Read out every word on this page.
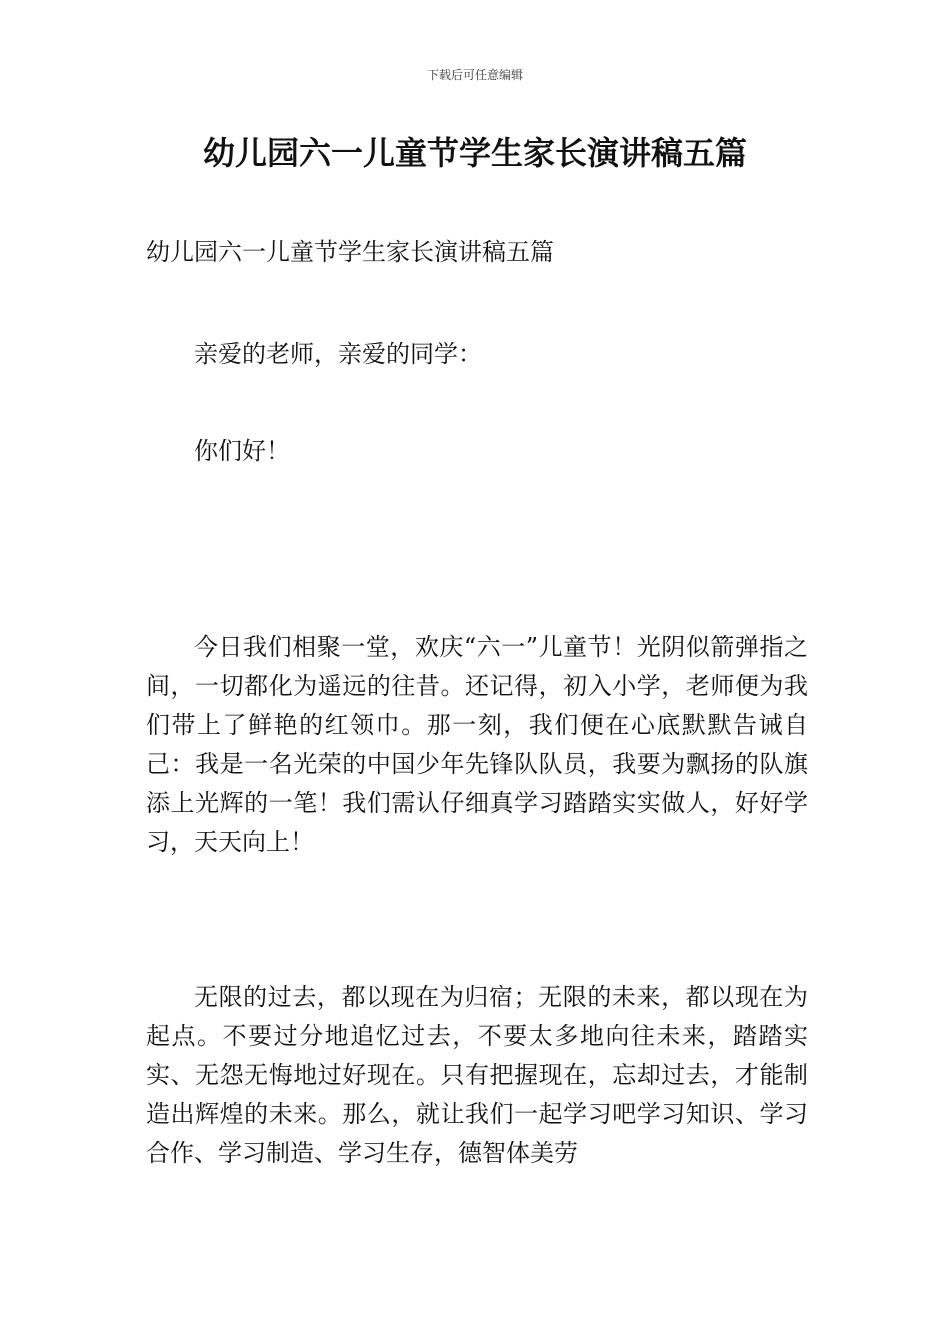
下载后可任意编辑
幼儿园六一儿童节学生家长演讲稿五篇

幼儿园六一儿童节学生家长演讲稿五篇

亲爱的老师，亲爱的同学：

你们好！

今日我们相聚一堂，欢庆“六一”儿童节！光阴似箭弹指之间，一切都化为遥远的往昔。还记得，初入小学，老师便为我们带上了鲜艳的红领巾。那一刻，我们便在心底默默告诫自己：我是一名光荣的中国少年先锋队队员，我要为飘扬的队旗添上光辉的一笔！我们需认仔细真学习踏踏实实做人，好好学习，天天向上！

无限的过去，都以现在为归宿；无限的未来，都以现在为起点。不要过分地追忆过去，不要太多地向往未来，踏踏实实、无怨无悔地过好现在。只有把握现在，忘却过去，才能制造出辉煌的未来。那么，就让我们一起学习吧学习知识、学习合作、学习制造、学习生存，德智体美劳
